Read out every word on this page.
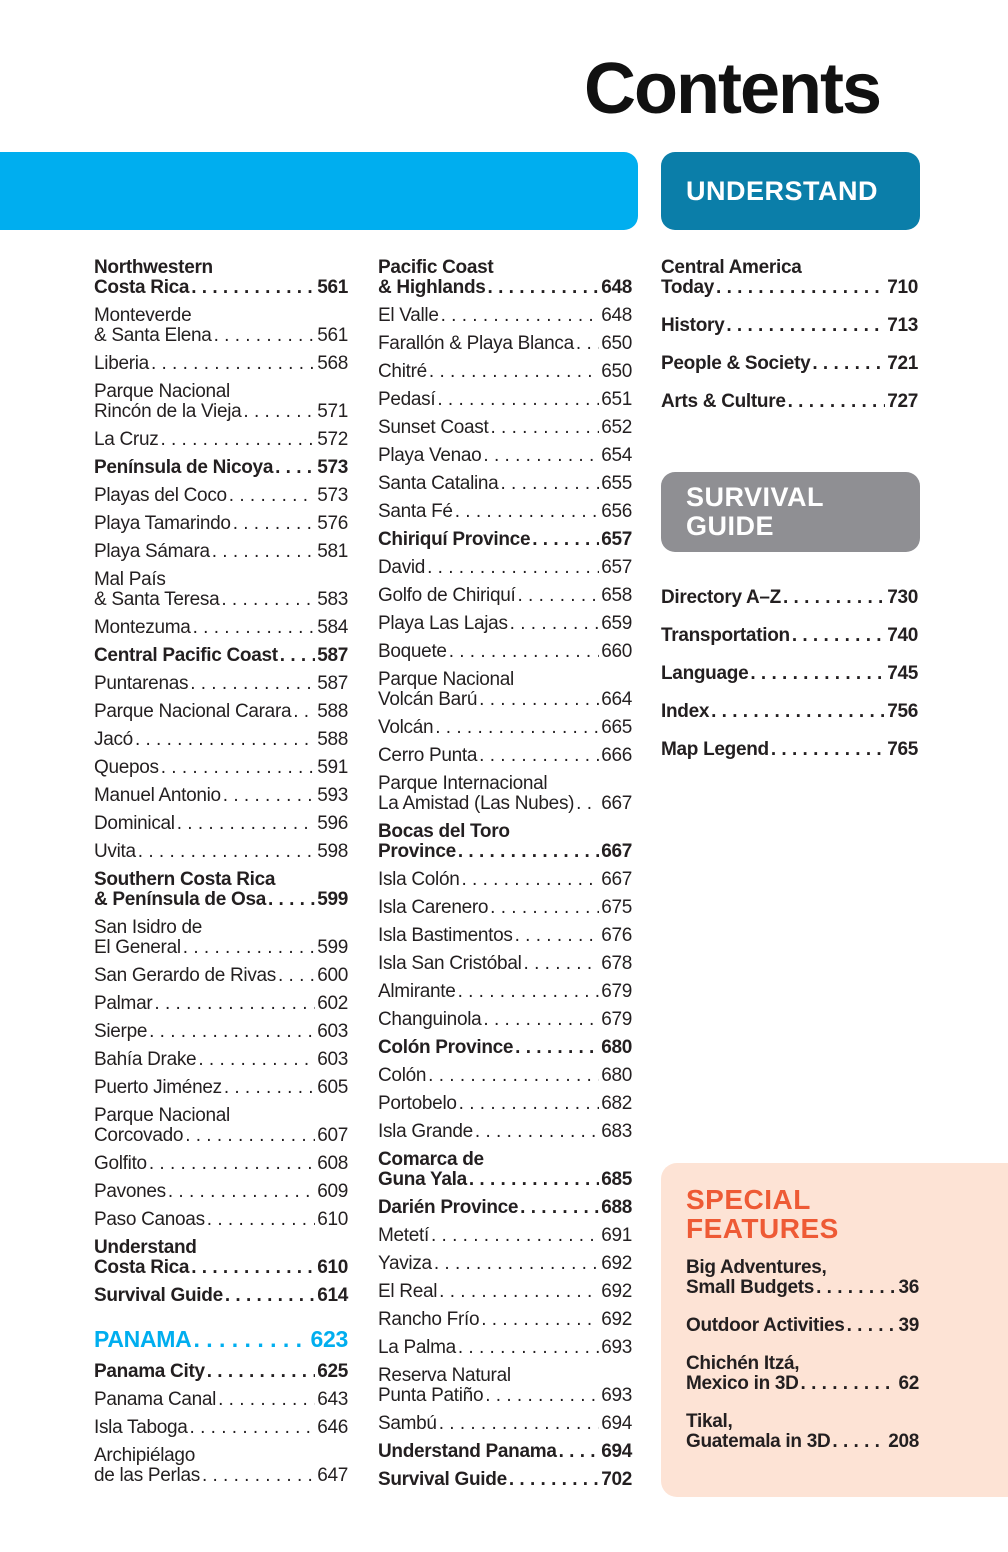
Contents
UNDERSTAND
SURVIVAL
GUIDE
Northwestern
Costa Rica . . .	561
Monteverde
& Santa Elena . . .	561
Liberia . . .	568
Parque Nacional
Rincón de la Vieja . . .	571
La Cruz . . .	572
Península de Nicoya . . . 573
Playas del Coco . . .	573
Playa Tamarindo . . .	576
Playa Sámara . . .	581
Mal País
& Santa Teresa . . .	583
Montezuma . . .	584
Central Pacific Coast . . . 587
Puntarenas . . .	587
Parque Nacional Carara . . . 588
Jacó . . .	588
Quepos . . .	591
Manuel Antonio . . .	593
Dominical . . .	596
Uvita . . .	598
Southern Costa Rica
& Península de Osa . . .	599
San Isidro de
El General . . .	599
San Gerardo de Rivas . . . 600
Palmar . . .	602
Sierpe . . .	603
Bahía Drake . . .	603
Puerto Jiménez . . .	605
Parque Nacional
Corcovado . . .	607
Golfito . . .	608
Pavones . . .	609
Paso Canoas . . .	610
Understand
Costa Rica . . .	610
Survival Guide . . .	614
PANAMA . . .	623
Panama City . . .	625
Panama Canal . . .	643
Isla Taboga . . .	646
Archipiélago
de las Perlas . . .	647
Pacific Coast
& Highlands . . .	648
El Valle . . .	648
Farallón & Playa Blanca . . . 650
Chitré . . .	650
Pedasí . . .	651
Sunset Coast . . .	652
Playa Venao . . .	654
Santa Catalina . . .	655
Santa Fé . . .	656
Chiriquí Province . . .	657
David . . .	657
Golfo de Chiriquí . . .	658
Playa Las Lajas . . .	659
Boquete . . .	660
Parque Nacional
Volcán Barú . . .	664
Volcán . . .	665
Cerro Punta . . .	666
Parque Internacional
La Amistad (Las Nubes) . . . 667
Bocas del Toro
Province . . .	667
Isla Colón . . .	667
Isla Carenero . . .	675
Isla Bastimentos . . .	676
Isla San Cristóbal . . .	678
Almirante . . .	679
Changuinola . . .	679
Colón Province . . .	680
Colón . . .	680
Portobelo . . .	682
Isla Grande . . .	683
Comarca de
Guna Yala . . .	685
Darién Province . . .	688
Metetí . . .	691
Yaviza . . .	692
El Real . . .	692
Rancho Frío . . .	692
La Palma . . .	693
Reserva Natural
Punta Patiño . . .	693
Sambú . . .	694
Understand Panama . . . 694
Survival Guide . . .	702
Central America
Today . . .	710
History . . .	713
People & Society . . .	721
Arts & Culture . . .	727
Directory A–Z . . .	730
Transportation . . .	740
Language . . .	745
Index . . .	756
Map Legend . . .	765
SPECIAL
FEATURES
Big Adventures,
Small Budgets . . .	36
Outdoor Activities . . .	39
Chichén Itzá,
Mexico in 3D . . .	62
Tikal,
Guatemala in 3D . . .	208
